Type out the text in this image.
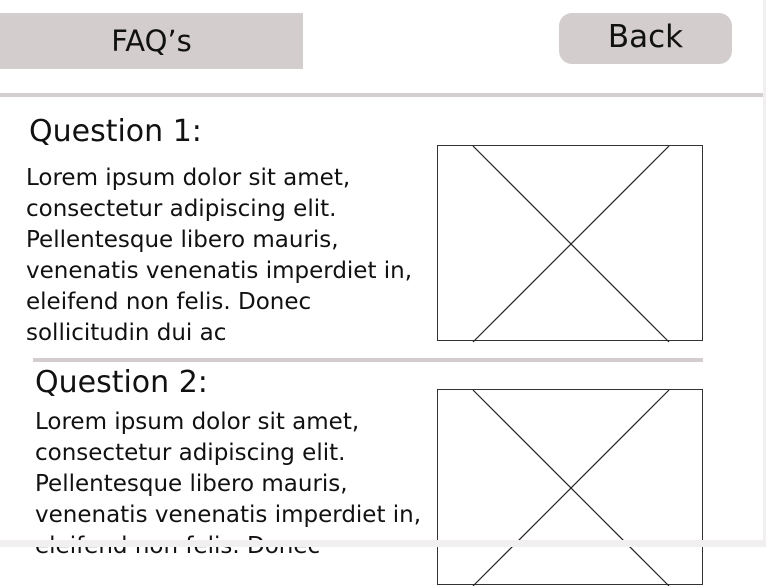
FAQ’s	Back
Question 1:

Lorem ipsum dolor sit amet,
consectetur adipiscing elit.
Pellentesque libero mauris,
venenatis venenatis imperdiet in,
eleifend non felis. Donec
sollicitudin dui ac

Question 2:

Lorem ipsum dolor sit amet,
consectetur adipiscing elit.
Pellentesque libero mauris,
venenatis venenatis imperdiet in,
